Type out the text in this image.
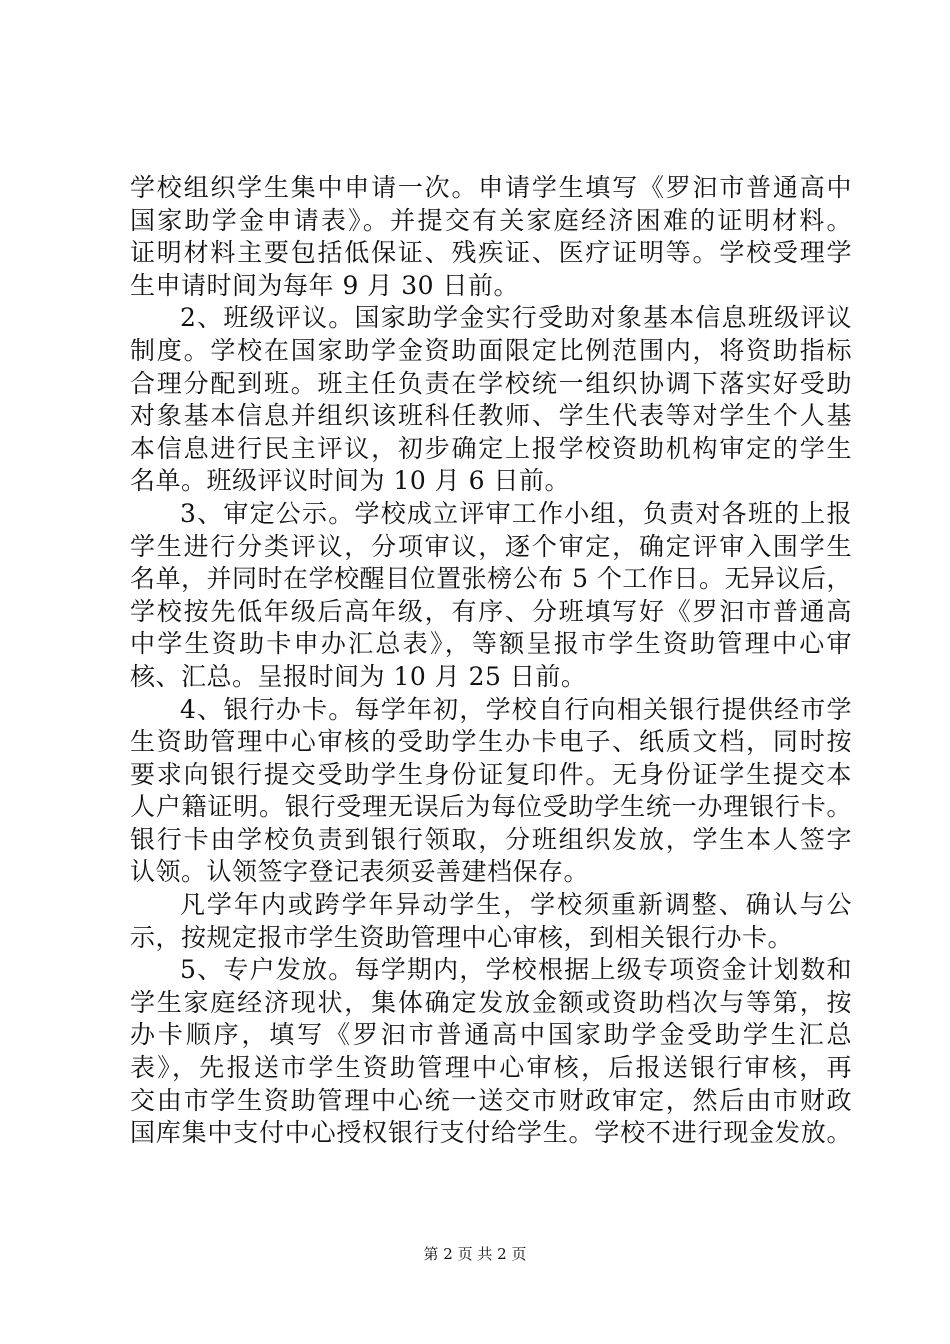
学校组织学生集中申请一次。申请学生填写《罗汩市普通高中
国家助学金申请表》。并提交有关家庭经济困难的证明材料。
证明材料主要包括低保证、残疾证、医疗证明等。学校受理学
生申请时间为每年 9 月 30 日前。
2、班级评议。国家助学金实行受助对象基本信息班级评议
制度。学校在国家助学金资助面限定比例范围内，将资助指标
合理分配到班。班主任负责在学校统一组织协调下落实好受助
对象基本信息并组织该班科任教师、学生代表等对学生个人基
本信息进行民主评议，初步确定上报学校资助机构审定的学生
名单。班级评议时间为 10 月 6 日前。
3、审定公示。学校成立评审工作小组，负责对各班的上报
学生进行分类评议，分项审议，逐个审定，确定评审入围学生
名单，并同时在学校醒目位置张榜公布 5 个工作日。无异议后，
学校按先低年级后高年级，有序、分班填写好《罗汩市普通高
中学生资助卡申办汇总表》，等额呈报市学生资助管理中心审
核、汇总。呈报时间为 10 月 25 日前。
4、银行办卡。每学年初，学校自行向相关银行提供经市学
生资助管理中心审核的受助学生办卡电子、纸质文档，同时按
要求向银行提交受助学生身份证复印件。无身份证学生提交本
人户籍证明。银行受理无误后为每位受助学生统一办理银行卡。
银行卡由学校负责到银行领取，分班组织发放，学生本人签字
认领。认领签字登记表须妥善建档保存。
凡学年内或跨学年异动学生，学校须重新调整、确认与公
示，按规定报市学生资助管理中心审核，到相关银行办卡。
5、专户发放。每学期内，学校根据上级专项资金计划数和
学生家庭经济现状，集体确定发放金额或资助档次与等第，按
办卡顺序，填写《罗汩市普通高中国家助学金受助学生汇总
表》，先报送市学生资助管理中心审核，后报送银行审核，再
交由市学生资助管理中心统一送交市财政审定，然后由市财政
国库集中支付中心授权银行支付给学生。学校不进行现金发放。
第 2 页 共 2 页
